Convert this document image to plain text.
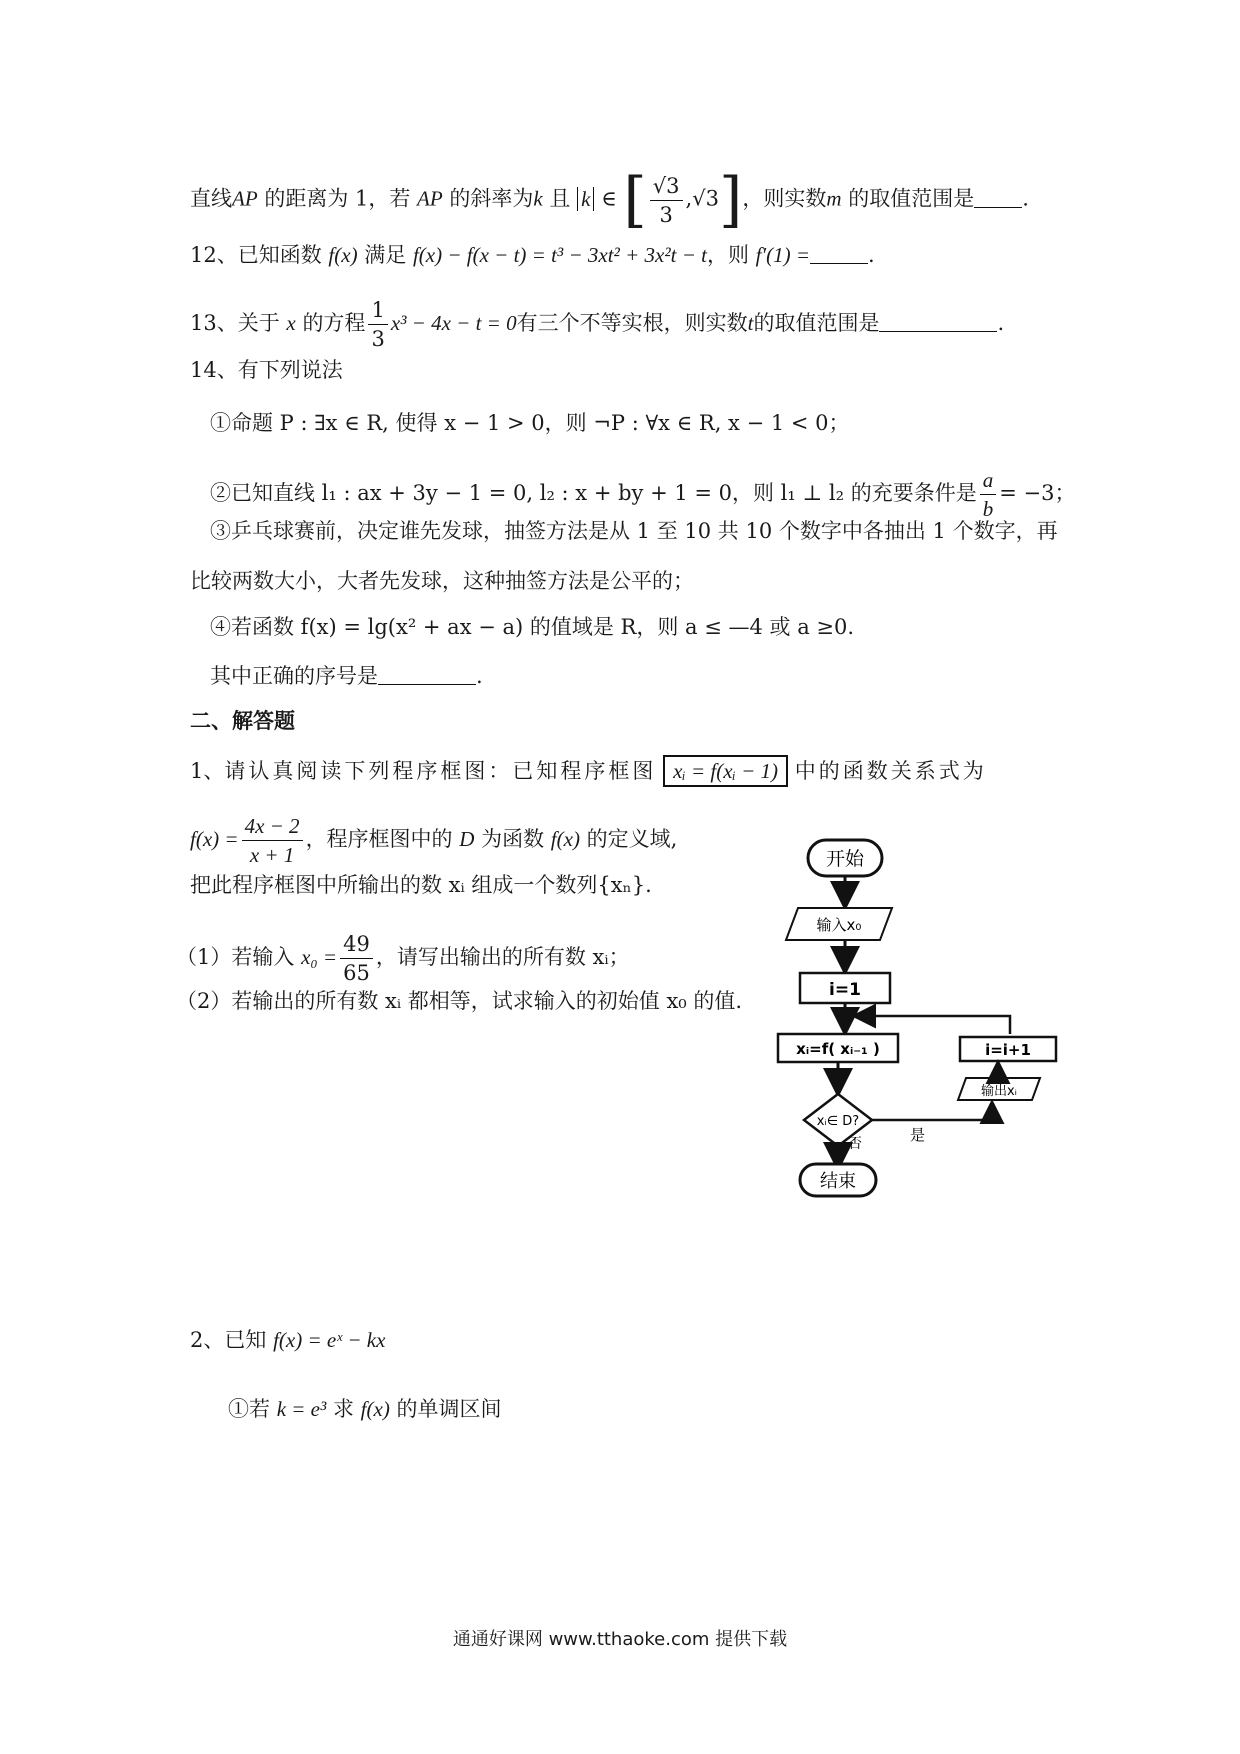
直线AP 的距离为 1，若 AP 的斜率为k 且 k ∈ [ $\frac{√3}{3} ,√3$]，则实数m 的取值范围是 .
12、已知函数 f(x) 满足 f(x) − f(x − t) = t³ − 3xt² + 3x²t − t，则 f′(1) =	.
13、关于 x 的方程 $\frac{1}{3} x^3 - 4x - t = 0$有三个不等实根，则实数t的取值范围是	.
14、有下列说法
①命题 P : ∃x ∈ R, 使得 x − 1 > 0，则 ¬P : ∀x ∈ R, x − 1 < 0；
②已知直线 l₁ : ax + 3y − 1 = 0, l₂ : x + by + 1 = 0，则 l₁ ⊥ l₂ 的充要条件是 $\frac{a}{b} = -3$；
③乒乓球赛前，决定谁先发球，抽签方法是从 1 至 10 共 10 个数字中各抽出 1 个数字，再
比较两数大小，大者先发球，这种抽签方法是公平的；
④若函数 f(x) = lg(x² + ax − a) 的值域是 R，则 a ≤ —4 或 a ≥0.
其中正确的序号是	.
二、解答题
1、请认真阅读下列程序框图：已知程序框图 xᵢ = f(xᵢ − 1) 中的函数关系式为
$f(x) = \frac{4x - 2}{x + 1}$ ，程序框图中的 D 为函数 f(x) 的定义域,
把此程序框图中所输出的数 xᵢ 组成一个数列{xₙ}.
（1）若输入 $x_0 = \frac{49}{65}$ ，请写出输出的所有数 xᵢ；
（2）若输出的所有数 xᵢ 都相等，试求输入的初始值 x₀ 的值.
开始
输入x₀
i=1
xᵢ=f( xᵢ₋₁ )	i=i+1
输出xᵢ
xᵢ∈ D?
是
否
结束
2、已知 f(x) = eˣ − kx
①若 k = e³ 求 f(x) 的单调区间
通通好课网 www.tthaoke.com 提供下载
